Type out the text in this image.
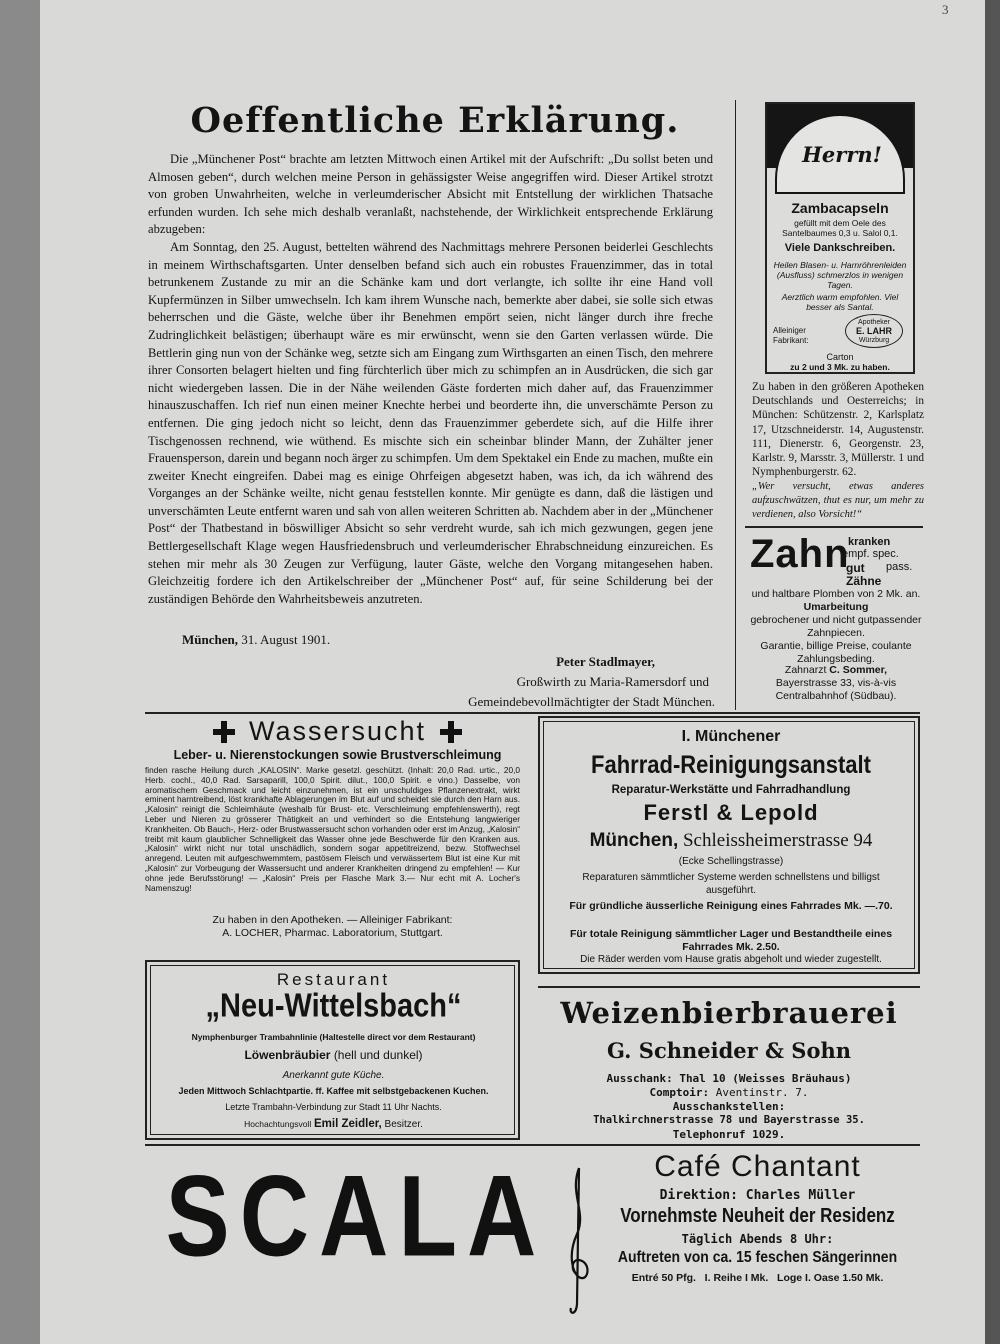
3
Oeffentliche Erklärung.

Die „Münchener Post“ brachte am letzten Mittwoch einen Artikel mit der Aufschrift: „Du sollst beten und Almosen geben“, durch welchen meine Person in gehässigster Weise angegriffen wird. Dieser Artikel strotzt von groben Unwahrheiten, welche in verleumderischer Absicht mit Entstellung der wirklichen Thatsache erfunden wurden. Ich sehe mich deshalb veranlaßt, nachstehende, der Wirklichkeit entsprechende Erklärung abzugeben:

Am Sonntag, den 25. August, bettelten während des Nachmittags mehrere Personen beiderlei Geschlechts in meinem Wirthschaftsgarten. Unter denselben befand sich auch ein robustes Frauenzimmer, das in total betrunkenem Zustande zu mir an die Schänke kam und dort verlangte, ich sollte ihr eine Hand voll Kupfermünzen in Silber umwechseln. Ich kam ihrem Wunsche nach, bemerkte aber dabei, sie solle sich etwas beherrschen und die Gäste, welche über ihr Benehmen empört seien, nicht länger durch ihre freche Zudringlichkeit belästigen; überhaupt wäre es mir erwünscht, wenn sie den Garten verlassen würde. Die Bettlerin ging nun von der Schänke weg, setzte sich am Eingang zum Wirthsgarten an einen Tisch, den mehrere ihrer Consorten belagert hielten und fing fürchterlich über mich zu schimpfen an in Ausdrücken, die sich gar nicht wiedergeben lassen. Die in der Nähe weilenden Gäste forderten mich daher auf, das Frauenzimmer hinauszuschaffen. Ich rief nun einen meiner Knechte herbei und beorderte ihn, die unverschämte Person zu entfernen. Die ging jedoch nicht so leicht, denn das Frauenzimmer geberdete sich, auf die Hilfe ihrer Tischgenossen rechnend, wie wüthend. Es mischte sich ein scheinbar blinder Mann, der Zuhälter jener Frauensperson, darein und begann noch ärger zu schimpfen. Um dem Spektakel ein Ende zu machen, mußte ein zweiter Knecht eingreifen. Dabei mag es einige Ohrfeigen abgesetzt haben, was ich, da ich während des Vorganges an der Schänke weilte, nicht genau feststellen konnte. Mir genügte es dann, daß die lästigen und unverschämten Leute entfernt waren und sah von allen weiteren Schritten ab. Nachdem aber in der „Münchener Post“ der Thatbestand in böswilliger Absicht so sehr verdreht wurde, sah ich mich gezwungen, gegen jene Bettlergesellschaft Klage wegen Hausfriedensbruch und verleumderischer Ehrabschneidung einzureichen. Es stehen mir mehr als 30 Zeugen zur Verfügung, lauter Gäste, welche den Vorgang mitangesehen haben. Gleichzeitig fordere ich den Artikelschreiber der „Münchener Post“ auf, für seine Schilderung bei der zuständigen Behörde den Wahrheitsbeweis anzutreten.

München, 31. August 1901.
Peter Stadlmayer,
Großwirth zu Maria-Ramersdorf und
Gemeindebevollmächtigter der Stadt München.
Herrn!
Zambacapseln
gefüllt mit dem Oele des Santelbaumes 0,3 u. Salol 0,1.
Viele Dankschreiben.
Heilen Blasen- u. Harnröhrenleiden (Ausfluss) schmerzlos in wenigen Tagen.
Aerztlich warm empfohlen. Viel besser als Santal.
Alleiniger Fabrikant:
Apotheker
E. LAHR
Würzburg
Carton
zu 2 und 3 Mk. zu haben.
Zu haben in den größeren Apotheken Deutschlands und Oesterreichs; in München: Schützenstr. 2, Karlsplatz 17, Utzschneiderstr. 14, Augustenstr. 111, Dienerstr. 6, Georgenstr. 23, Karlstr. 9, Marsstr. 3, Müllerstr. 1 und Nymphenburgerstr. 62.
„Wer versucht, etwas anderes aufzuschwätzen, thut es nur, um mehr zu verdienen, also Vorsicht!“
Zahn
kranken
empf. spec.
gut pass.
Zähne
und haltbare Plomben von 2 Mk. an.
Umarbeitung
gebrochener und nicht gutpassender Zahnpiecen.
Garantie, billige Preise, coulante Zahlungsbeding.
Zahnarzt C. Sommer,
Bayerstrasse 33, vis-à-vis
Centralbahnhof (Südbau).
Wassersucht
Leber- u. Nierenstockungen sowie Brustverschleimung
finden rasche Heilung durch „KALOSIN“. Marke gesetzl. geschützt. (Inhalt: 20,0 Rad. urtic., 20,0 Herb. cochl., 40,0 Rad. Sarsaparill, 100,0 Spirit. dilut., 100,0 Spirit. e vino.) Dasselbe, von aromatischem Geschmack und leicht einzunehmen, ist ein unschuldiges Pflanzenextrakt, wirkt eminent harntreibend, löst krankhafte Ablagerungen im Blut auf und scheidet sie durch den Harn aus. „Kalosin“ reinigt die Schleimhäute (weshalb für Brust- etc. Verschleimung empfehlenswerth), regt Leber und Nieren zu grösserer Thätigkeit an und verhindert so die Entstehung langwieriger Krankheiten. Ob Bauch-, Herz- oder Brustwassersucht schon vorhanden oder erst im Anzug, „Kalosin“ treibt mit kaum glaublicher Schnelligkeit das Wasser ohne jede Beschwerde für den Kranken aus. „Kalosin“ wirkt nicht nur total unschädlich, sondern sogar appetitreizend, bezw. Stoffwechsel anregend. Leuten mit aufgeschwemmtem, pastösem Fleisch und verwässertem Blut ist eine Kur mit „Kalosin“ zur Vorbeugung der Wassersucht und anderer Krankheiten dringend zu empfehlen! — Kur ohne jede Berufsstörung! — „Kalosin“ Preis per Flasche Mark 3.— Nur echt mit A. Locher's Namenszug!
Zu haben in den Apotheken. — Alleiniger Fabrikant:
A. LOCHER, Pharmac. Laboratorium, Stuttgart.
I. Münchener
Fahrrad-Reinigungsanstalt
Reparatur-Werkstätte und Fahrradhandlung
Ferstl & Lepold
München, Schleissheimerstrasse 94
(Ecke Schellingstrasse)
Reparaturen sämmtlicher Systeme werden schnellstens und billigst ausgeführt.
Für gründliche äusserliche Reinigung eines Fahrrades Mk. —.70.
Für totale Reinigung sämmtlicher Lager und Bestandtheile eines Fahrrades Mk. 2.50.
Die Räder werden vom Hause gratis abgeholt und wieder zugestellt.
Restaurant
„Neu-Wittelsbach“
Nymphenburger Trambahnlinie (Haltestelle direct vor dem Restaurant)
Löwenbräubier (hell und dunkel)
Anerkannt gute Küche.
Jeden Mittwoch Schlachtpartie. ff. Kaffee mit selbstgebackenen Kuchen.
Letzte Trambahn-Verbindung zur Stadt 11 Uhr Nachts.
Hochachtungsvoll Emil Zeidler, Besitzer.
Weizenbierbrauerei
G. Schneider & Sohn
Ausschank: Thal 10 (Weisses Bräuhaus)
Comptoir: Aventinstr. 7.
Ausschankstellen:
Thalkirchnerstrasse 78 und Bayerstrasse 35.
Telephonruf 1029.
SCALA	Café Chantant
Direktion: Charles Müller
Vornehmste Neuheit der Residenz
Täglich Abends 8 Uhr:
Auftreten von ca. 15 feschen Sängerinnen
Entré 50 Pfg.   I. Reihe I Mk.   Loge I. Oase 1.50 Mk.
